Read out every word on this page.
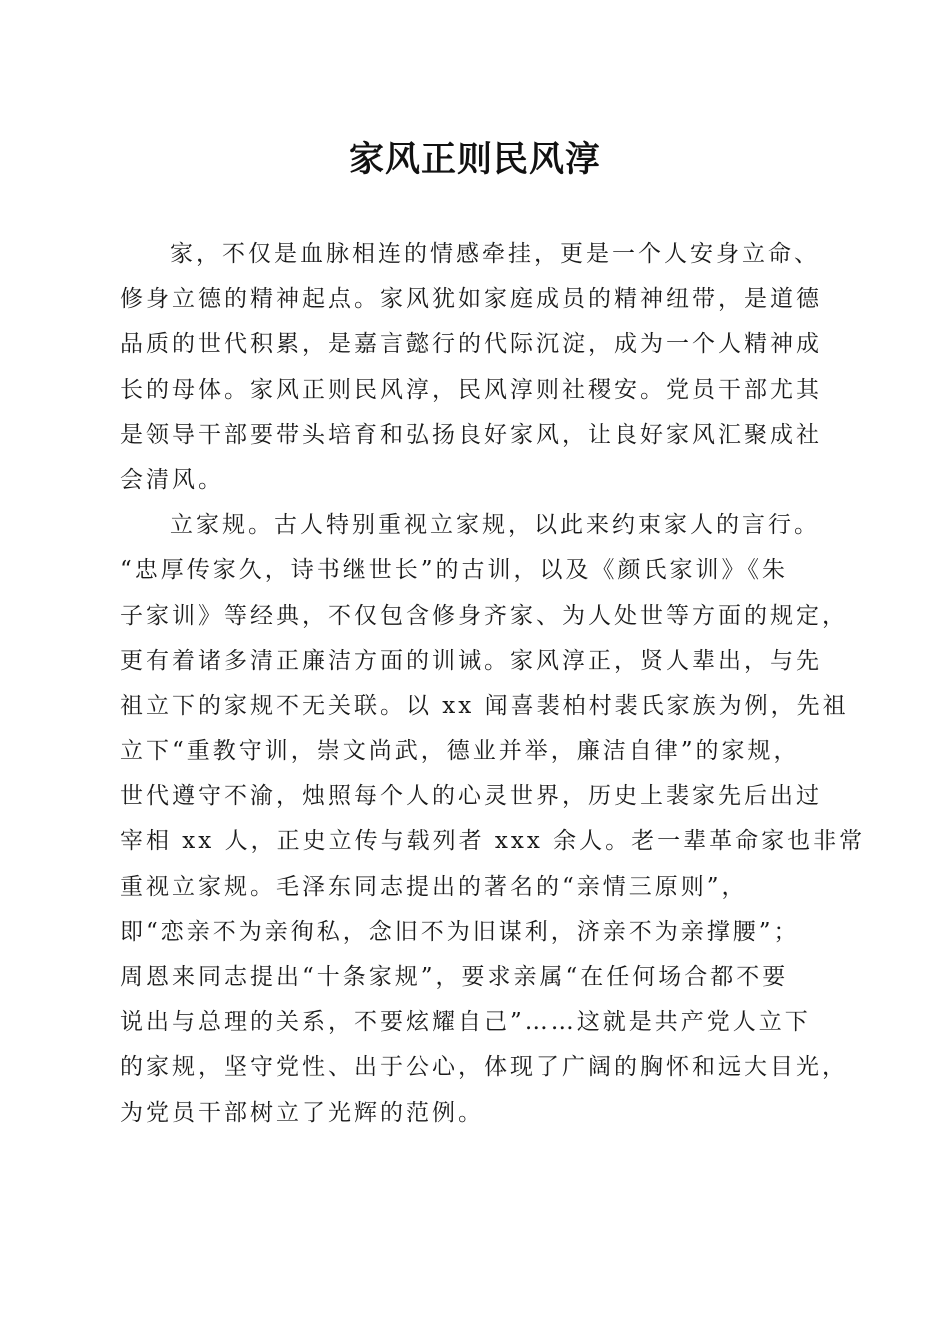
家风正则民风淳
家，不仅是血脉相连的情感牵挂，更是一个人安身立命、
修身立德的精神起点。家风犹如家庭成员的精神纽带，是道德
品质的世代积累，是嘉言懿行的代际沉淀，成为一个人精神成
长的母体。家风正则民风淳，民风淳则社稷安。党员干部尤其
是领导干部要带头培育和弘扬良好家风，让良好家风汇聚成社
会清风。
立家规。古人特别重视立家规，以此来约束家人的言行。
“忠厚传家久，诗书继世长”的古训，以及《颜氏家训》《朱
子家训》等经典，不仅包含修身齐家、为人处世等方面的规定，
更有着诸多清正廉洁方面的训诫。家风淳正，贤人辈出，与先
祖立下的家规不无关联。以 xx 闻喜裴柏村裴氏家族为例，先祖
立下“重教守训，崇文尚武，德业并举，廉洁自律”的家规，
世代遵守不渝，烛照每个人的心灵世界，历史上裴家先后出过
宰相 xx 人，正史立传与载列者 xxx 余人。老一辈革命家也非常
重视立家规。毛泽东同志提出的著名的“亲情三原则”，
即“恋亲不为亲徇私，念旧不为旧谋利，济亲不为亲撑腰”；
周恩来同志提出“十条家规”，要求亲属“在任何场合都不要
说出与总理的关系，不要炫耀自己”……这就是共产党人立下
的家规，坚守党性、出于公心，体现了广阔的胸怀和远大目光，
为党员干部树立了光辉的范例。
